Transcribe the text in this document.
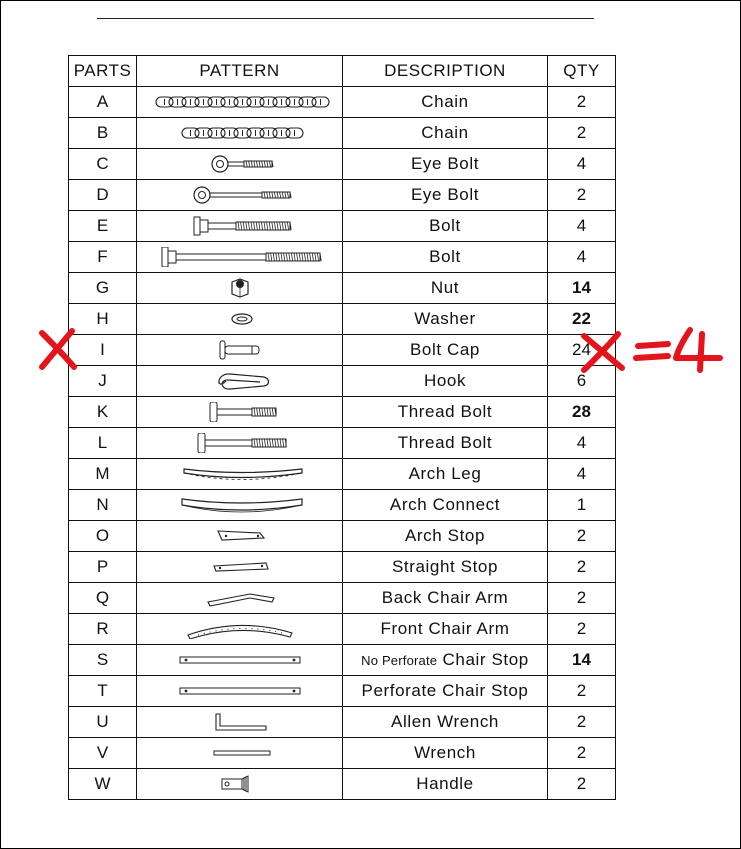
PARTS	PATTERN	DESCRIPTION	QTY
A		Chain	2
B		Chain	2
C		Eye Bolt	4
D		Eye Bolt	2
E		Bolt	4
F		Bolt	4
G		Nut	14
H		Washer	22
I		Bolt Cap	24
J		Hook	6
K		Thread Bolt	28
L		Thread Bolt	4
M		Arch Leg	4
N		Arch Connect	1
O		Arch Stop	2
P		Straight Stop	2
Q		Back Chair Arm	2
R		Front Chair Arm	2
S		No Perforate Chair Stop	14
T		Perforate Chair Stop	2
U		Allen Wrench	2
V		Wrench	2
W		Handle	2
